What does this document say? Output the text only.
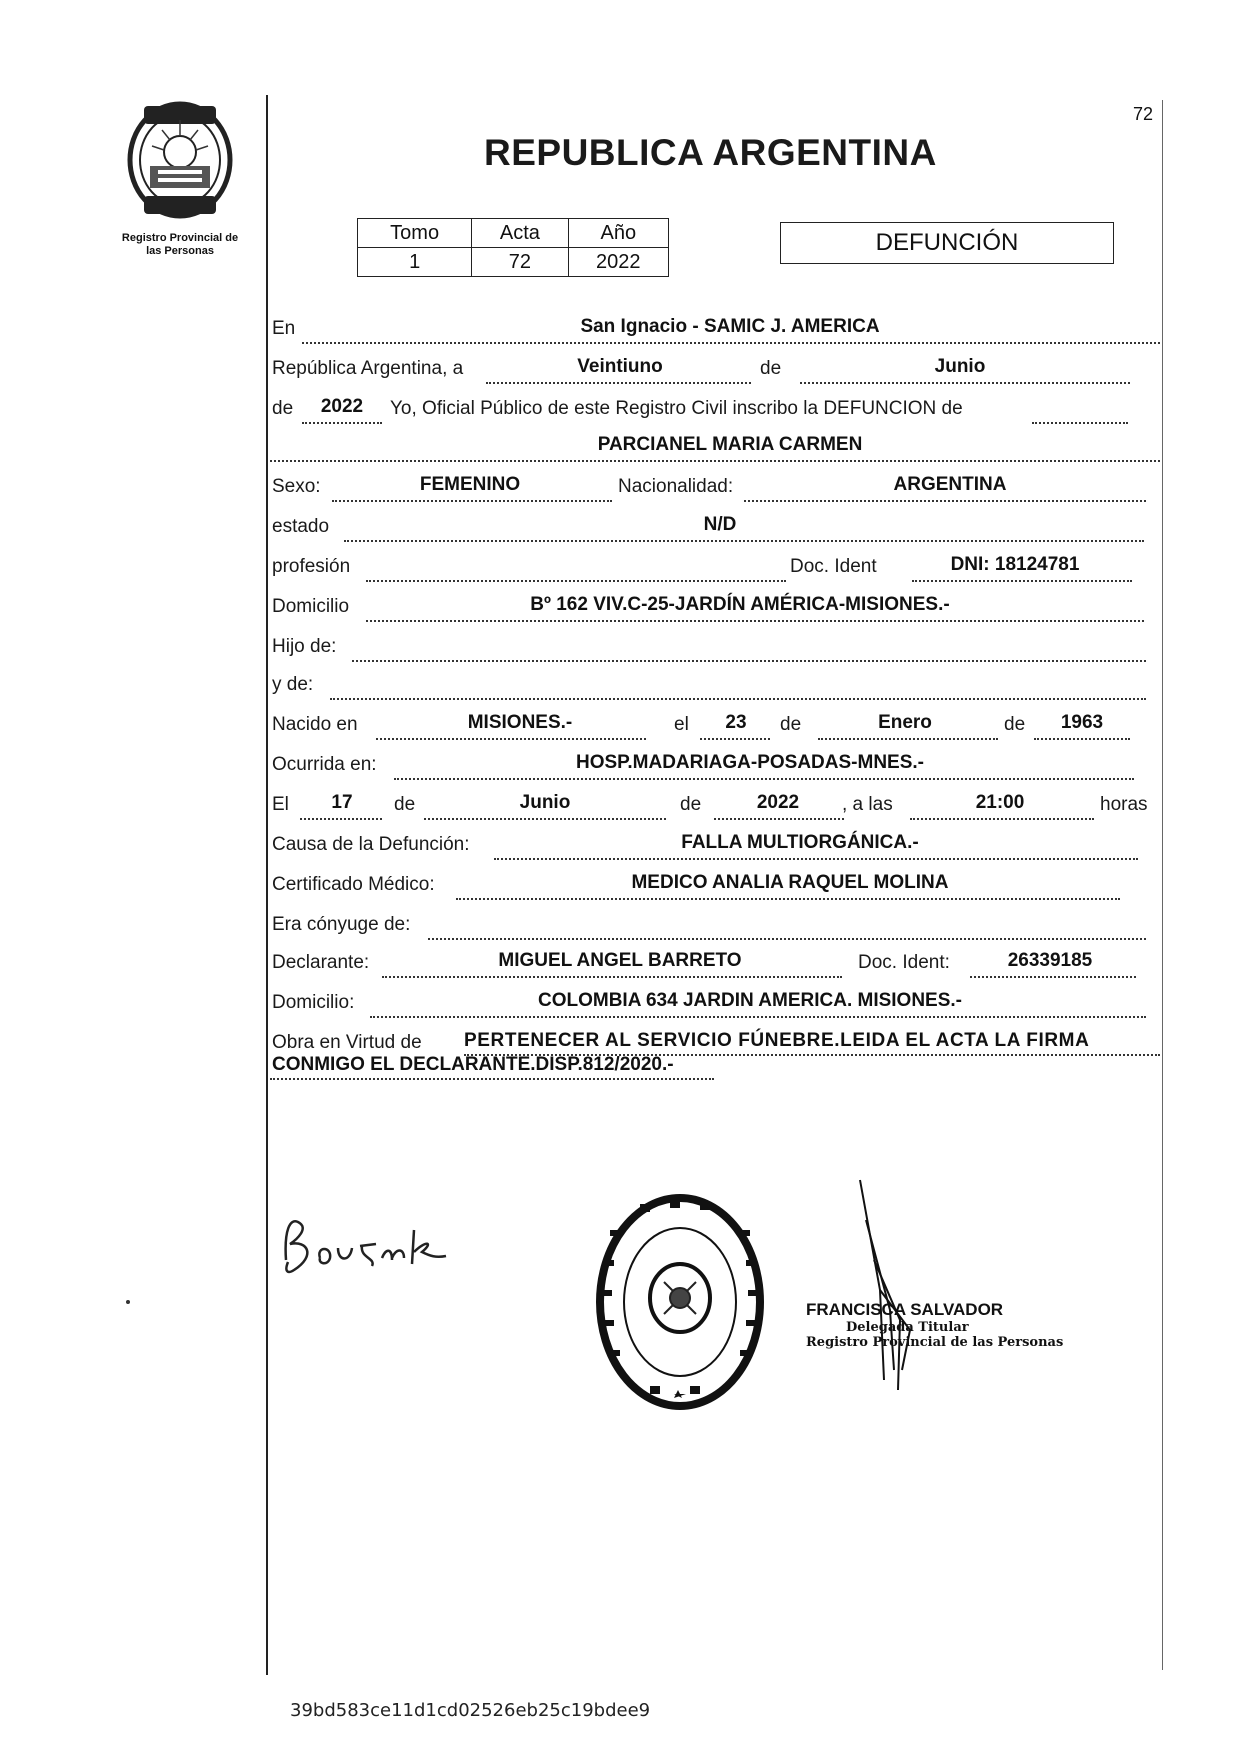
72
Registro Provincial de
las Personas
REPUBLICA ARGENTINA
Tomo	Acta	Año
1	72	2022
DEFUNCIÓN
En	San Ignacio - SAMIC J. AMERICA
República Argentina, a	Veintiuno	de	Junio
de	2022	Yo, Oficial Público de este Registro Civil inscribo la DEFUNCION de
PARCIANEL MARIA CARMEN
Sexo:	FEMENINO	Nacionalidad:	ARGENTINA
estado	N/D
profesión	Doc. Ident	DNI: 18124781
Domicilio	Bº 162 VIV.C-25-JARDÍN AMÉRICA-MISIONES.-
Hijo de:
y de:
Nacido en	MISIONES.-	el	23	de	Enero	de	1963
Ocurrida en:	HOSP.MADARIAGA-POSADAS-MNES.-
El	17	de	Junio	de	2022	, a las	21:00	horas
Causa de la Defunción:	FALLA MULTIORGÁNICA.-
Certificado Médico:	MEDICO ANALIA RAQUEL MOLINA
Era cónyuge de:
Declarante:	MIGUEL ANGEL BARRETO	Doc. Ident:	26339185
Domicilio:	COLOMBIA 634 JARDIN AMERICA. MISIONES.-
Obra en Virtud de PERTENECER AL SERVICIO FÚNEBRE.LEIDA EL ACTA LA FIRMA
CONMIGO EL DECLARANTE.DISP.812/2020.-
FRANCISCA SALVADOR
Delegada Titular
Registro Provincial de las Personas
39bd583ce11d1cd02526eb25c19bdee9
